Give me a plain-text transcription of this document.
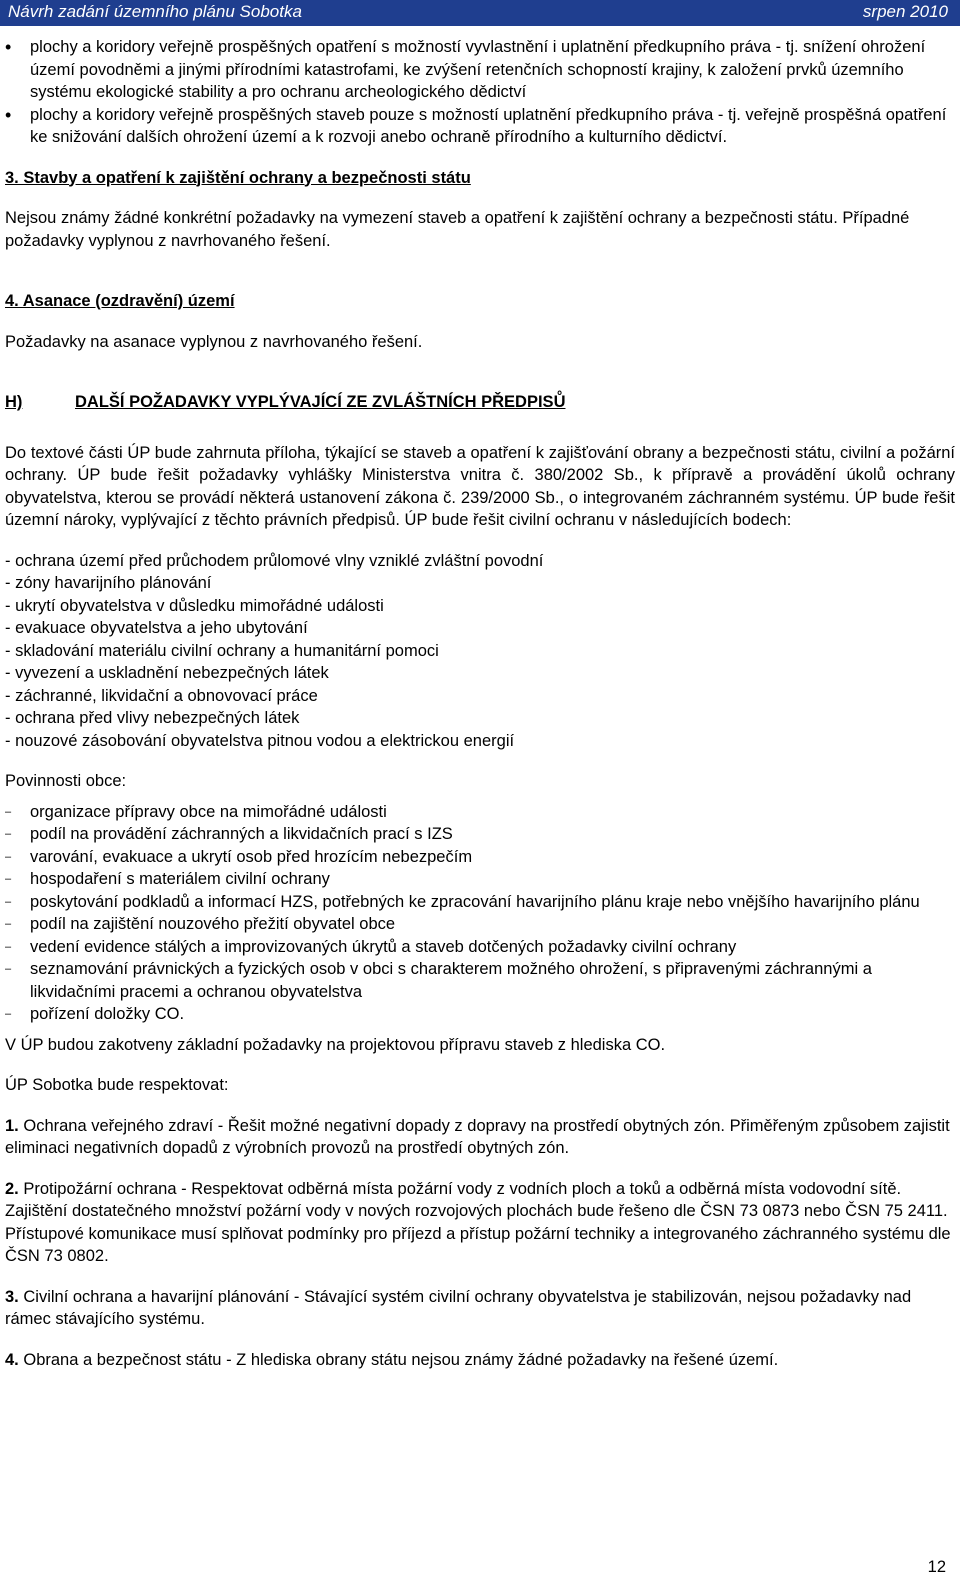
Návrh zadání územního plánu Sobotka	srpen 2010
• plochy a koridory veřejně prospěšných opatření s možností vyvlastnění i uplatnění předkupního práva - tj. snížení ohrožení území povodněmi a jinými přírodními katastrofami, ke zvýšení retenčních schopností krajiny, k založení prvků územního systému ekologické stability a pro ochranu archeologického dědictví
• plochy a koridory veřejně prospěšných staveb pouze s možností uplatnění předkupního práva - tj. veřejně prospěšná opatření ke snižování dalších ohrožení území a k rozvoji anebo ochraně přírodního a kulturního dědictví.

3. Stavby a opatření k zajištění ochrany a bezpečnosti státu

Nejsou známy žádné konkrétní požadavky na vymezení staveb a opatření k zajištění ochrany a bezpečnosti státu. Případné požadavky vyplynou z navrhovaného řešení.

4. Asanace (ozdravění) území

Požadavky na asanace vyplynou z navrhovaného řešení.

H)	DALŠÍ POŽADAVKY VYPLÝVAJÍCÍ ZE ZVLÁŠTNÍCH PŘEDPISŮ

Do textové části ÚP bude zahrnuta příloha, týkající se staveb a opatření k zajišťování obrany a bezpečnosti státu, civilní a požární ochrany. ÚP bude řešit požadavky vyhlášky Ministerstva vnitra č. 380/2002 Sb., k přípravě a provádění úkolů ochrany obyvatelstva, kterou se provádí některá ustanovení zákona č. 239/2000 Sb., o integrovaném záchranném systému. ÚP bude řešit územní nároky, vyplývající z těchto právních předpisů. ÚP bude řešit civilní ochranu v následujících bodech:

- ochrana území před průchodem průlomové vlny vzniklé zvláštní povodní
- zóny havarijního plánování
- ukrytí obyvatelstva v důsledku mimořádné události
- evakuace obyvatelstva a jeho ubytování
- skladování materiálu civilní ochrany a humanitární pomoci
- vyvezení a uskladnění nebezpečných látek
- záchranné, likvidační a obnovovací práce
- ochrana před vlivy nebezpečných látek
- nouzové zásobování obyvatelstva pitnou vodou a elektrickou energií

Povinnosti obce:

– organizace přípravy obce na mimořádné události
– podíl na provádění záchranných a likvidačních prací s IZS
– varování, evakuace a ukrytí osob před hrozícím nebezpečím
– hospodaření s materiálem civilní ochrany
– poskytování podkladů a informací HZS, potřebných ke zpracování havarijního plánu kraje nebo vnějšího havarijního plánu
– podíl na zajištění nouzového přežití obyvatel obce
– vedení evidence stálých a improvizovaných úkrytů a staveb dotčených požadavky civilní ochrany
– seznamování právnických a fyzických osob v obci s charakterem možného ohrožení, s připravenými záchrannými a likvidačními pracemi a ochranou obyvatelstva
– pořízení doložky CO.

V ÚP budou zakotveny základní požadavky na projektovou přípravu staveb z hlediska CO.

ÚP Sobotka bude respektovat:

1. Ochrana veřejného zdraví - Řešit možné negativní dopady z dopravy na prostředí obytných zón. Přiměřeným způsobem zajistit eliminaci negativních dopadů z výrobních provozů na prostředí obytných zón.

2. Protipožární ochrana - Respektovat odběrná místa požární vody z vodních ploch a toků a odběrná místa vodovodní sítě. Zajištění dostatečného množství požární vody v nových rozvojových plochách bude řešeno dle ČSN 73 0873 nebo ČSN 75 2411.

Přístupové komunikace musí splňovat podmínky pro příjezd a přístup požární techniky a integrovaného záchranného systému dle ČSN 73 0802.

3. Civilní ochrana a havarijní plánování - Stávající systém civilní ochrany obyvatelstva je stabilizován, nejsou požadavky nad rámec stávajícího systému.

4. Obrana a bezpečnost státu - Z hlediska obrany státu nejsou známy žádné požadavky na řešené území.

12
